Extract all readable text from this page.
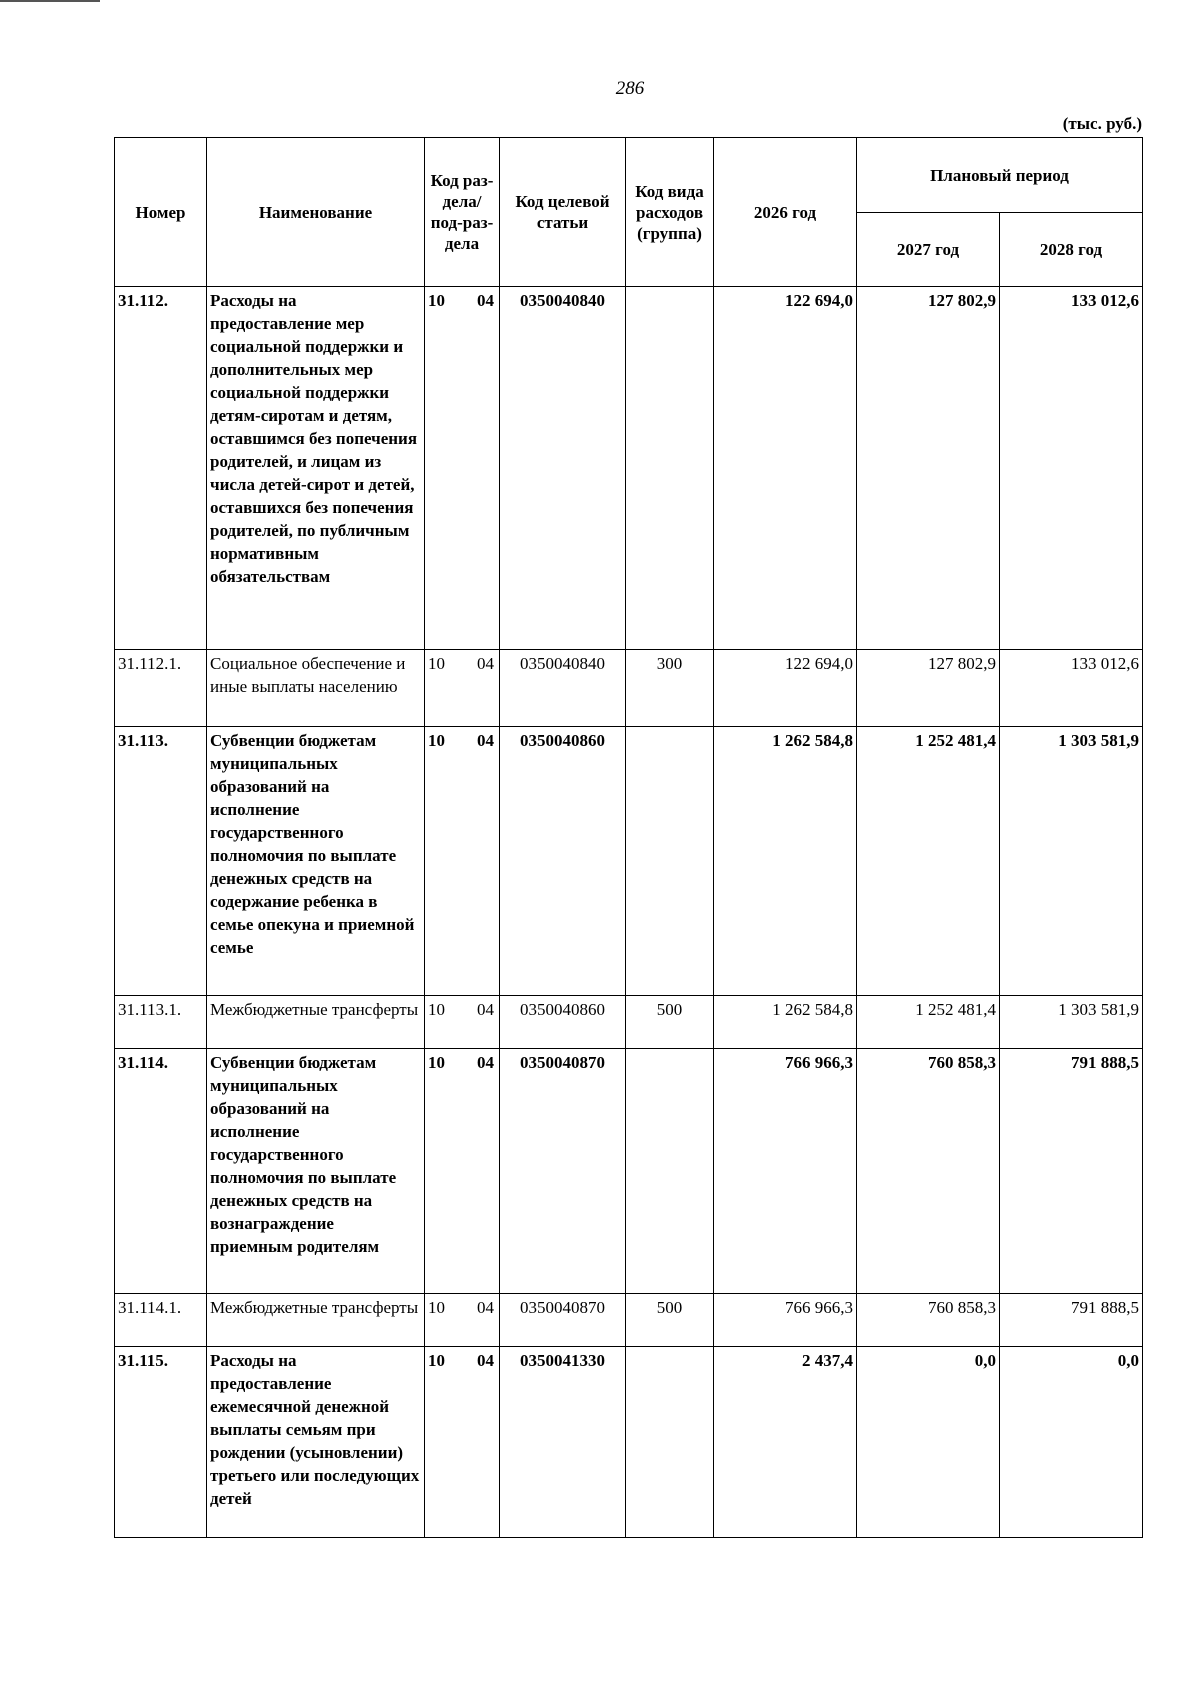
286
(тыс. руб.)
Номер	Наименование	Код раз-дела/ под-раз-дела	Код целевой статьи	Код вида расходов (группа)	2026 год	Плановый период	
						2027 год	2028 год
31.112.	Расходы на предоставление мер социальной поддержки и дополнительных мер социальной поддержки детям-сиротам и детям, оставшимся без попечения родителей, и лицам из числа детей-сирот и детей, оставшихся без попечения родителей, по публичным нормативным обязательствам	10 04	0350040840		122 694,0	127 802,9	133 012,6
31.112.1.	Социальное обеспечение и иные выплаты населению	10 04	0350040840	300	122 694,0	127 802,9	133 012,6
31.113.	Субвенции бюджетам муниципальных образований на исполнение государственного полномочия по выплате денежных средств на содержание ребенка в семье опекуна и приемной семье	10 04	0350040860		1 262 584,8	1 252 481,4	1 303 581,9
31.113.1.	Межбюджетные трансферты	10 04	0350040860	500	1 262 584,8	1 252 481,4	1 303 581,9
31.114.	Субвенции бюджетам муниципальных образований на исполнение государственного полномочия по выплате денежных средств на вознаграждение приемным родителям	10 04	0350040870		766 966,3	760 858,3	791 888,5
31.114.1.	Межбюджетные трансферты	10 04	0350040870	500	766 966,3	760 858,3	791 888,5
31.115.	Расходы на предоставление ежемесячной денежной выплаты семьям при рождении (усыновлении) третьего или последующих детей	10 04	0350041330		2 437,4	0,0	0,0
